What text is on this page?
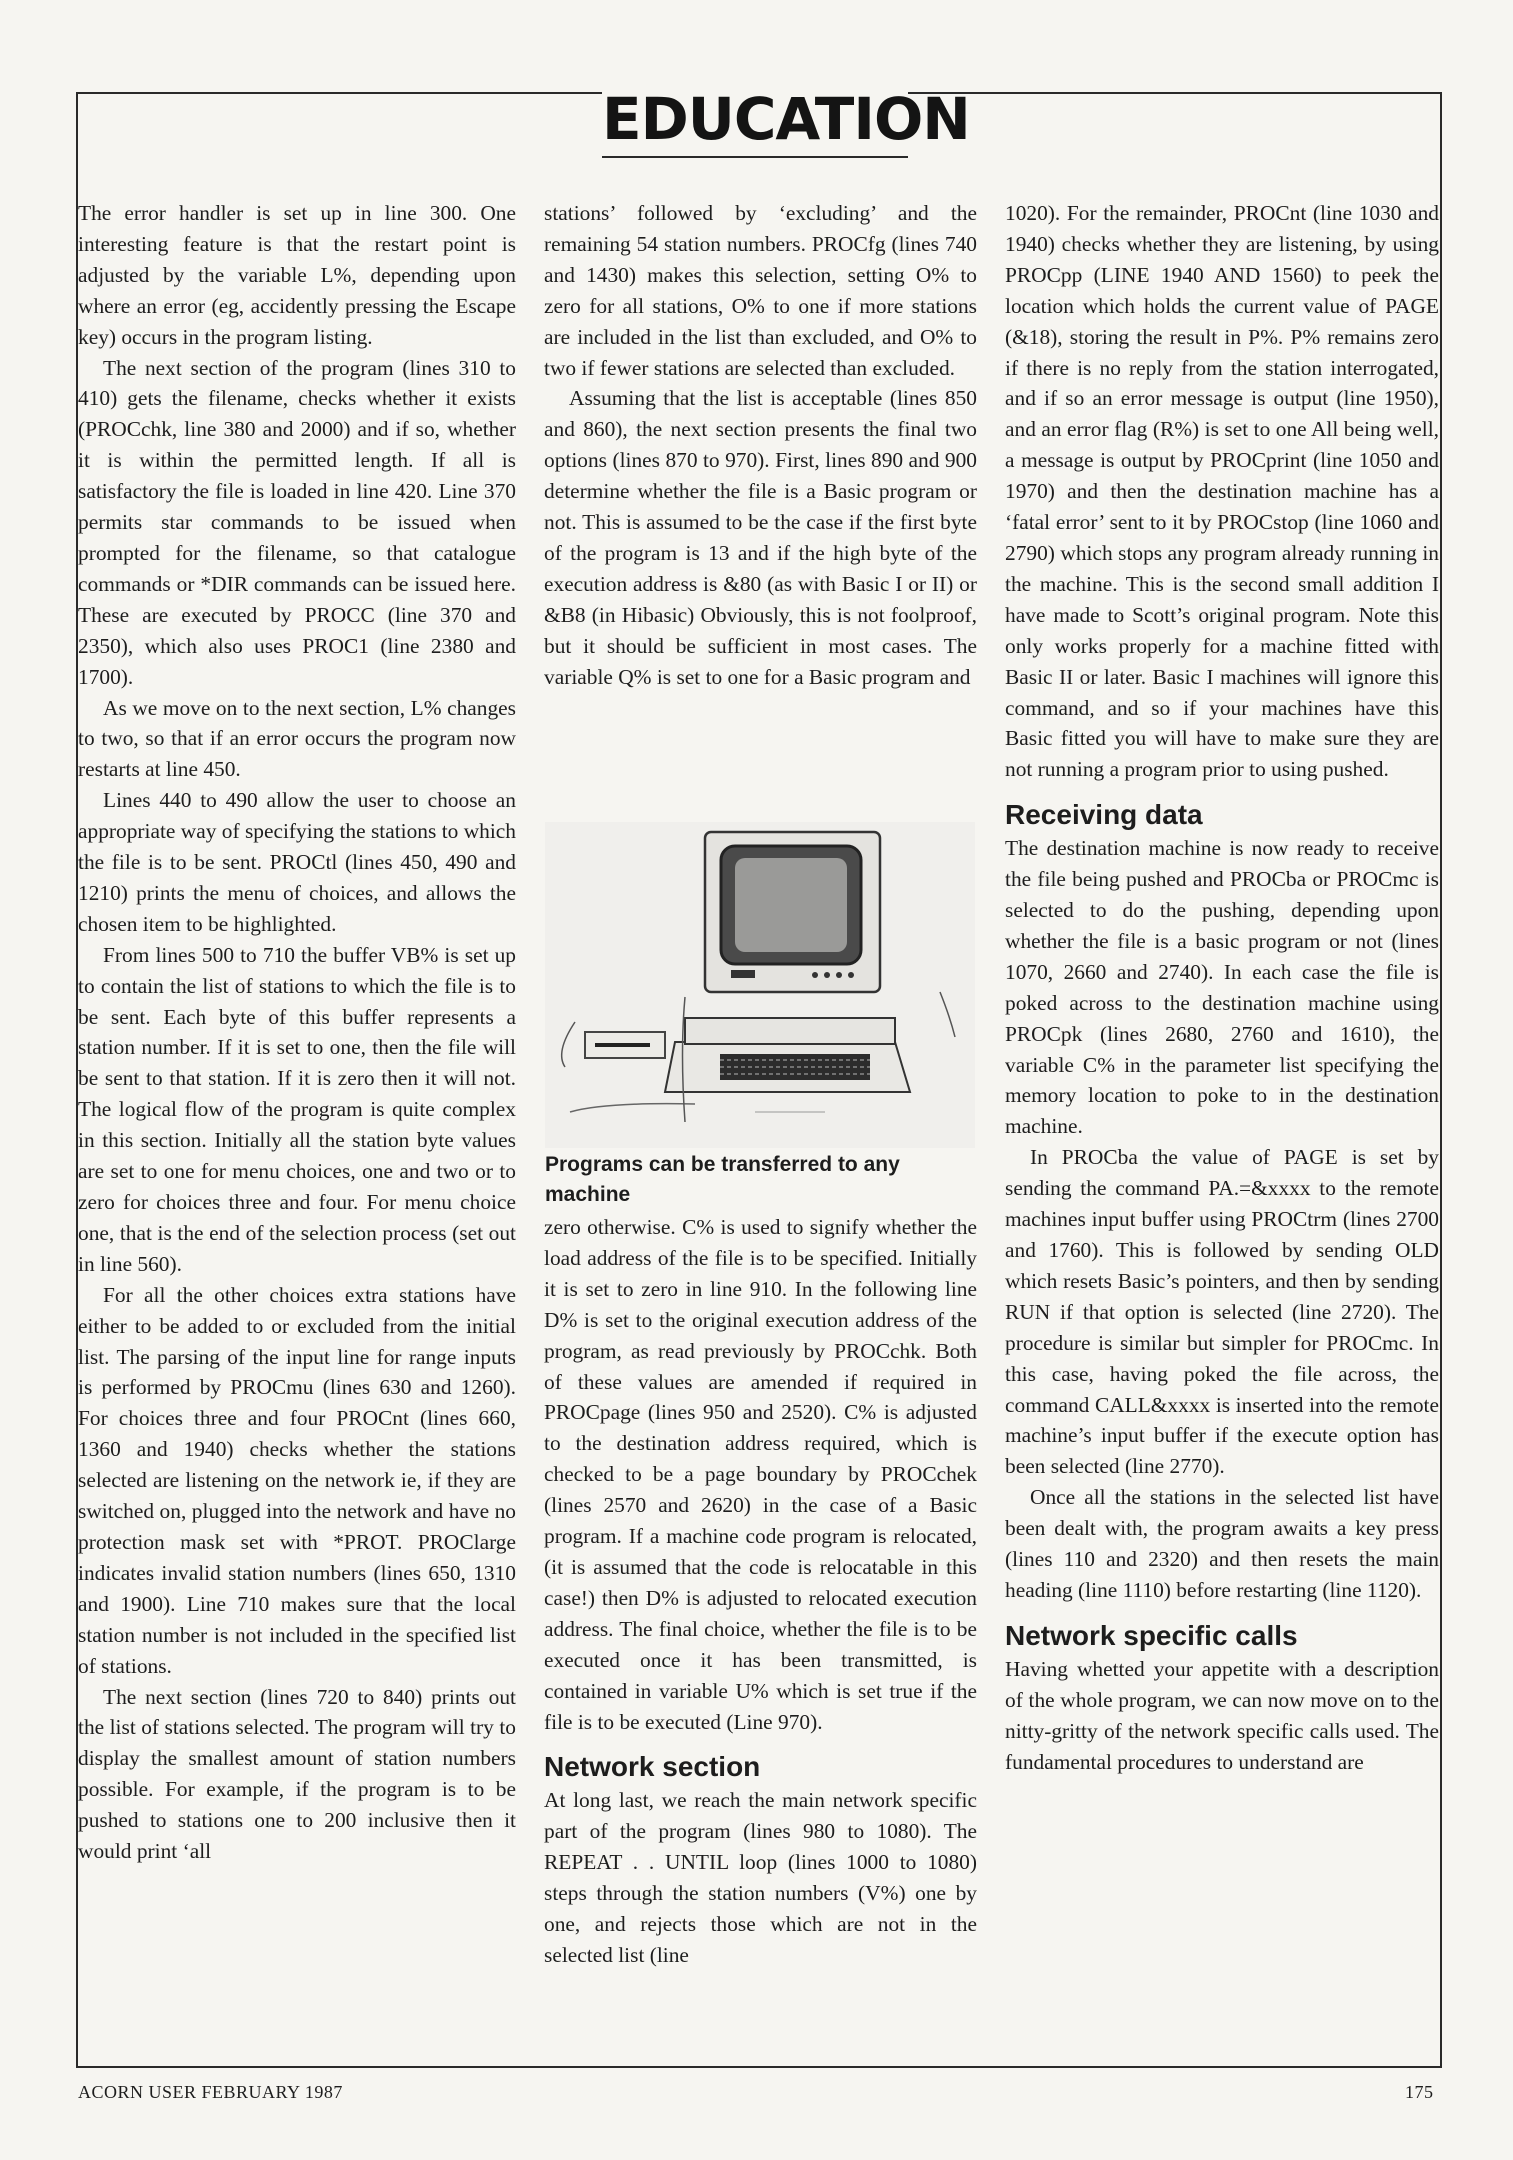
EDUCATION

The error handler is set up in line 300. One interesting feature is that the restart point is adjusted by the variable L%, depending upon where an error (eg, accidently pressing the Escape key) occurs in the program listing.

The next section of the program (lines 310 to 410) gets the filename, checks whether it exists (PROCchk, line 380 and 2000) and if so, whether it is within the permitted length. If all is satisfactory the file is loaded in line 420. Line 370 permits star commands to be issued when prompted for the filename, so that catalogue commands or *DIR commands can be issued here. These are executed by PROCC (line 370 and 2350), which also uses PROC1 (line 2380 and 1700).

As we move on to the next section, L% changes to two, so that if an error occurs the program now restarts at line 450.

Lines 440 to 490 allow the user to choose an appropriate way of specifying the stations to which the file is to be sent. PROCtl (lines 450, 490 and 1210) prints the menu of choices, and allows the chosen item to be highlighted.

From lines 500 to 710 the buffer VB% is set up to contain the list of stations to which the file is to be sent. Each byte of this buffer represents a station number. If it is set to one, then the file will be sent to that station. If it is zero then it will not. The logical flow of the program is quite complex in this section. Initially all the station byte values are set to one for menu choices, one and two or to zero for choices three and four. For menu choice one, that is the end of the selection process (set out in line 560).

For all the other choices extra stations have either to be added to or excluded from the initial list. The parsing of the input line for range inputs is performed by PROCmu (lines 630 and 1260). For choices three and four PROCnt (lines 660, 1360 and 1940) checks whether the stations selected are listening on the network ie, if they are switched on, plugged into the network and have no protection mask set with *PROT. PROClarge indicates invalid station numbers (lines 650, 1310 and 1900). Line 710 makes sure that the local station number is not included in the specified list of stations.

The next section (lines 720 to 840) prints out the list of stations selected. The program will try to display the smallest amount of station numbers possible. For example, if the program is to be pushed to stations one to 200 inclusive then it would print ‘all

stations’ followed by ‘excluding’ and the remaining 54 station numbers. PROCfg (lines 740 and 1430) makes this selection, setting O% to zero for all stations, O% to one if more stations are included in the list than excluded, and O% to two if fewer stations are selected than excluded.

Assuming that the list is acceptable (lines 850 and 860), the next section presents the final two options (lines 870 to 970). First, lines 890 and 900 determine whether the file is a Basic program or not. This is assumed to be the case if the first byte of the program is 13 and if the high byte of the execution address is &80 (as with Basic I or II) or &B8 (in Hibasic) Obviously, this is not foolproof, but it should be sufficient in most cases. The variable Q% is set to one for a Basic program and

Programs can be transferred to any machine

zero otherwise. C% is used to signify whether the load address of the file is to be specified. Initially it is set to zero in line 910. In the following line D% is set to the original execution address of the program, as read previously by PROCchk. Both of these values are amended if required in PROCpage (lines 950 and 2520). C% is adjusted to the destination address required, which is checked to be a page boundary by PROCchek (lines 2570 and 2620) in the case of a Basic program. If a machine code program is relocated, (it is assumed that the code is relocatable in this case!) then D% is adjusted to relocated execution address. The final choice, whether the file is to be executed once it has been transmitted, is contained in variable U% which is set true if the file is to be executed (Line 970).

Network section

At long last, we reach the main network specific part of the program (lines 980 to 1080). The REPEAT . . UNTIL loop (lines 1000 to 1080) steps through the station numbers (V%) one by one, and rejects those which are not in the selected list (line

1020). For the remainder, PROCnt (line 1030 and 1940) checks whether they are listening, by using PROCpp (LINE 1940 AND 1560) to peek the location which holds the current value of PAGE (&18), storing the result in P%. P% remains zero if there is no reply from the station interrogated, and if so an error message is output (line 1950), and an error flag (R%) is set to one All being well, a message is output by PROCprint (line 1050 and 1970) and then the destination machine has a ‘fatal error’ sent to it by PROCstop (line 1060 and 2790) which stops any program already running in the machine. This is the second small addition I have made to Scott’s original program. Note this only works properly for a machine fitted with Basic II or later. Basic I machines will ignore this command, and so if your machines have this Basic fitted you will have to make sure they are not running a program prior to using pushed.

Receiving data

The destination machine is now ready to receive the file being pushed and PROCba or PROCmc is selected to do the pushing, depending upon whether the file is a basic program or not (lines 1070, 2660 and 2740). In each case the file is poked across to the destination machine using PROCpk (lines 2680, 2760 and 1610), the variable C% in the parameter list specifying the memory location to poke to in the destination machine.

In PROCba the value of PAGE is set by sending the command PA.=&xxxx to the remote machines input buffer using PROCtrm (lines 2700 and 1760). This is followed by sending OLD which resets Basic’s pointers, and then by sending RUN if that option is selected (line 2720). The procedure is similar but simpler for PROCmc. In this case, having poked the file across, the command CALL&xxxx is inserted into the remote machine’s input buffer if the execute option has been selected (line 2770).

Once all the stations in the selected list have been dealt with, the program awaits a key press (lines 110 and 2320) and then resets the main heading (line 1110) before restarting (line 1120).

Network specific calls

Having whetted your appetite with a description of the whole program, we can now move on to the nitty-gritty of the network specific calls used. The fundamental procedures to understand are

ACORN USER FEBRUARY 1987	175
